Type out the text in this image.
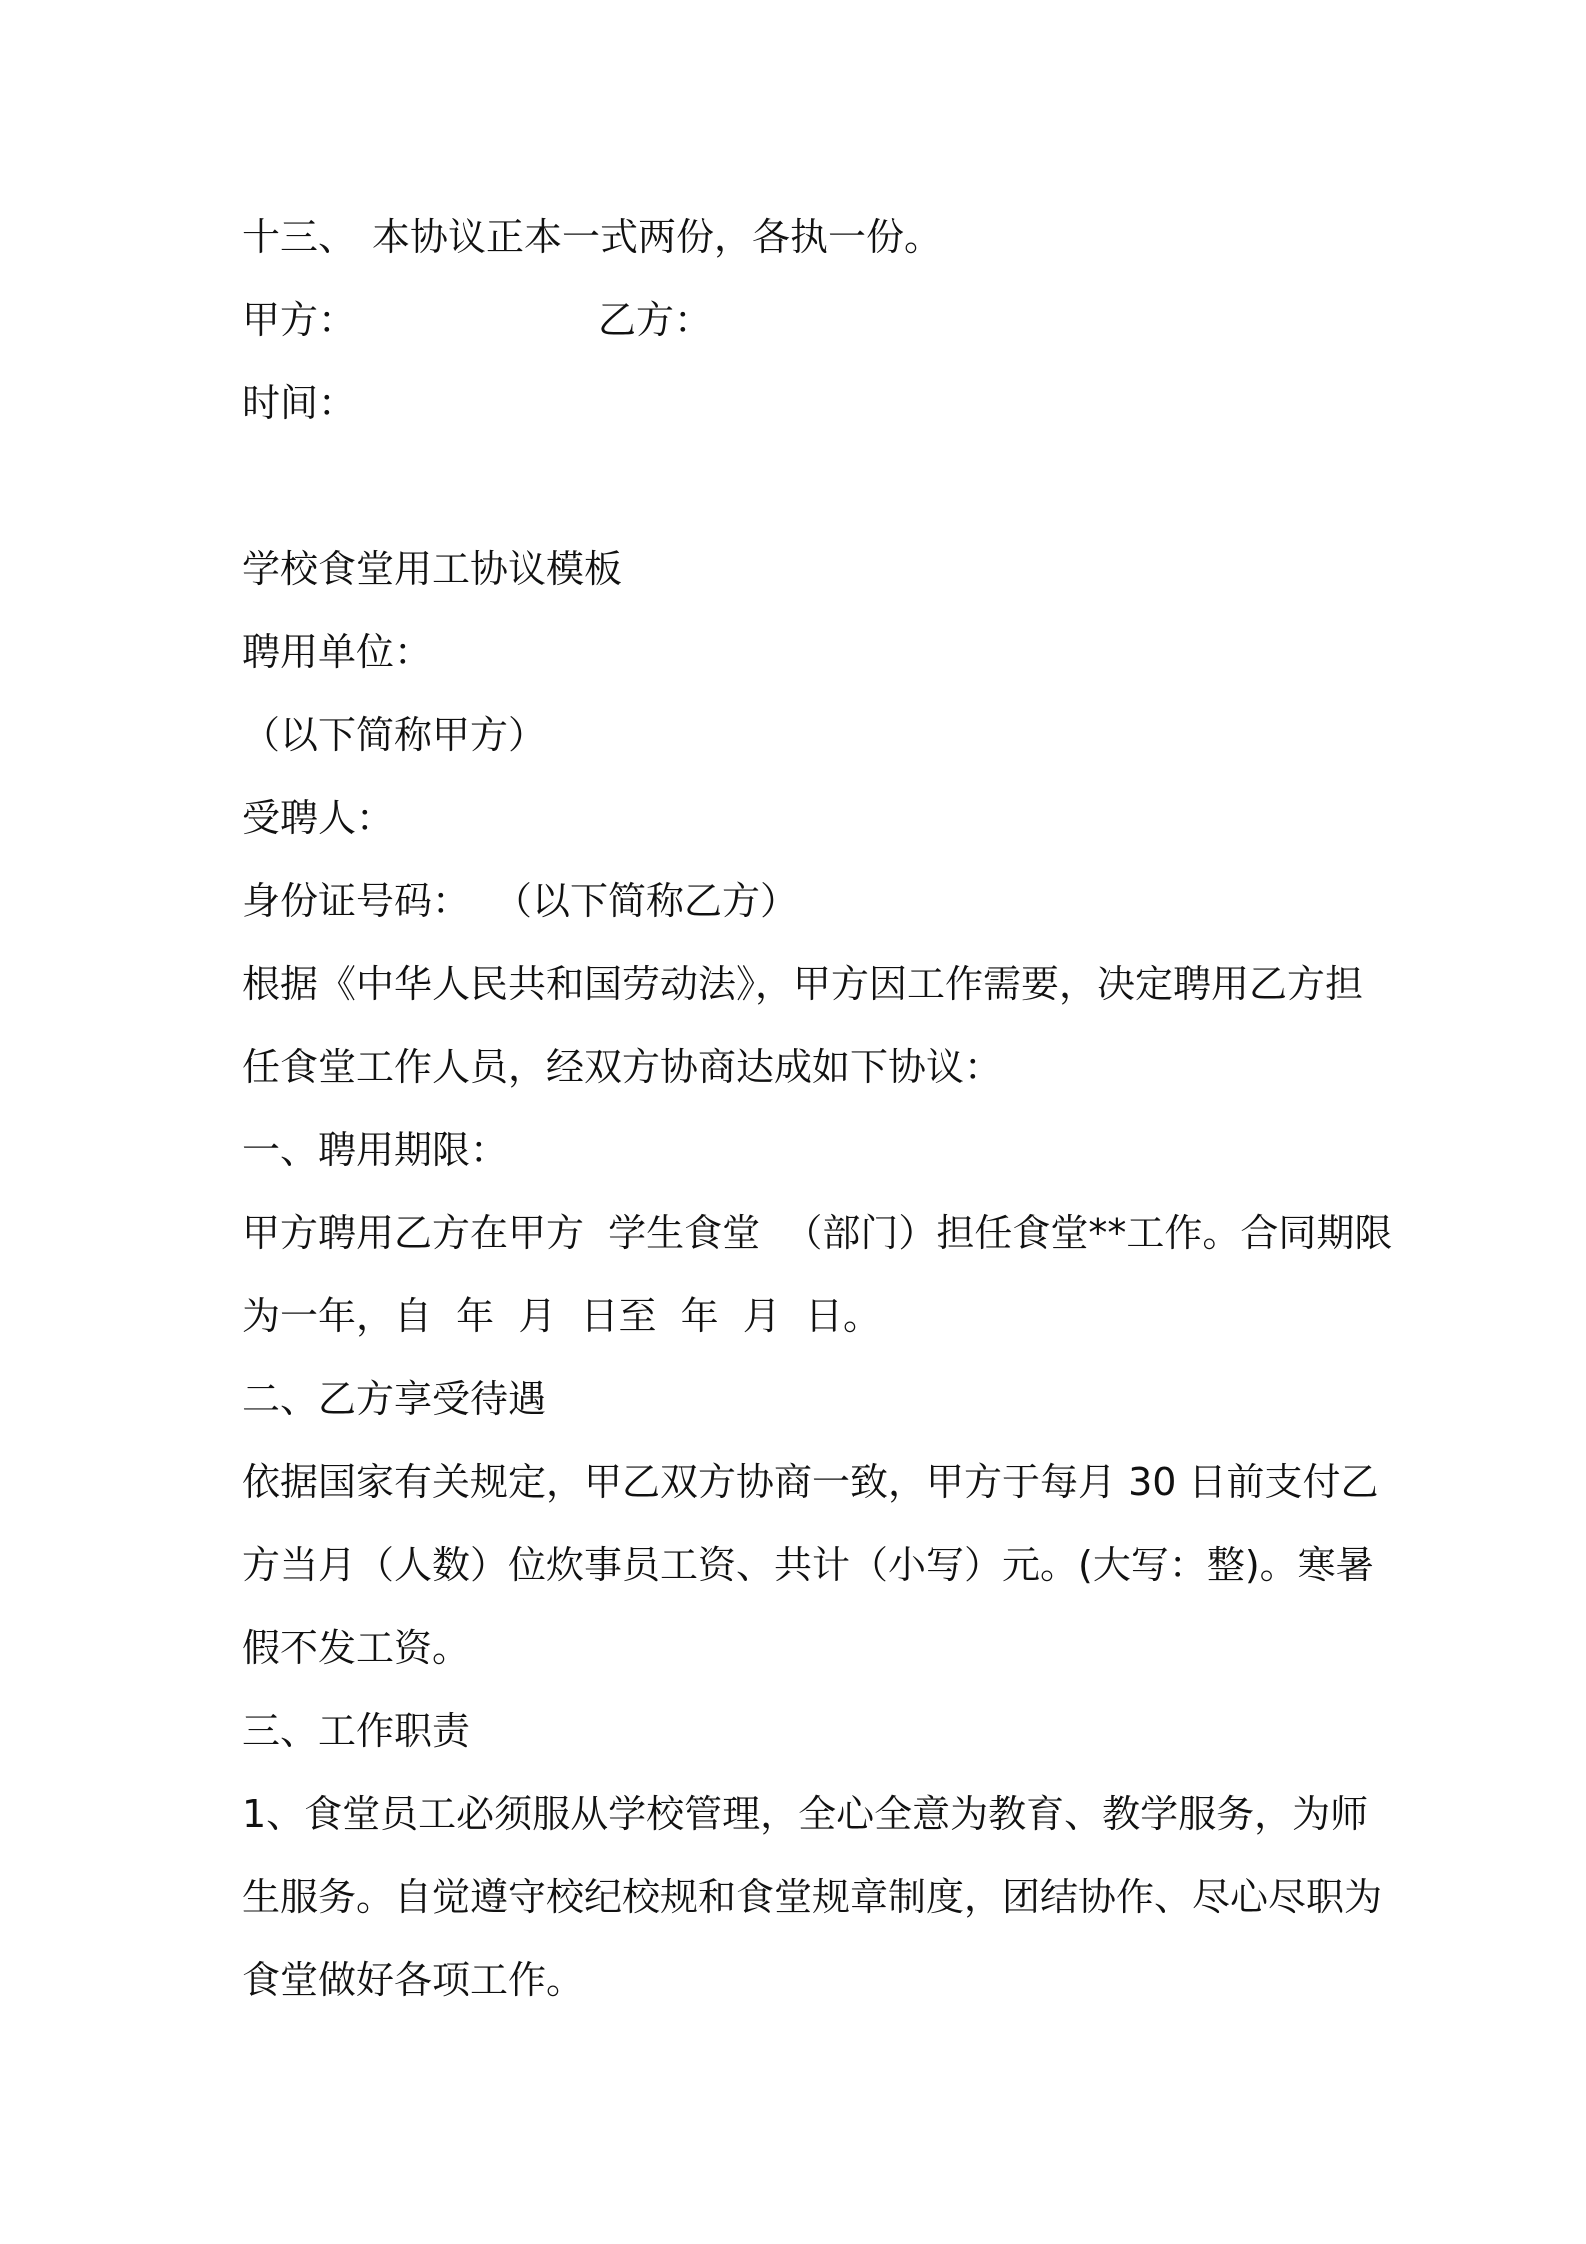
十三、 本协议正本一式两份，各执一份。
甲方：	乙方：
时间：
学校食堂用工协议模板
聘用单位：
（以下简称甲方）
受聘人：
身份证号码： （以下简称乙方）
根据《中华人民共和国劳动法》，甲方因工作需要，决定聘用乙方担
任食堂工作人员，经双方协商达成如下协议：
一、聘用期限：
甲方聘用乙方在甲方  学生食堂  （部门）担任食堂**工作。合同期限
为一年，自  年  月  日至  年  月  日。
二、乙方享受待遇
依据国家有关规定，甲乙双方协商一致，甲方于每月 30 日前支付乙
方当月（人数）位炊事员工资、共计（小写）元。(大写：整)。寒暑
假不发工资。
三、工作职责
1、食堂员工必须服从学校管理，全心全意为教育、教学服务，为师
生服务。自觉遵守校纪校规和食堂规章制度，团结协作、尽心尽职为
食堂做好各项工作。
